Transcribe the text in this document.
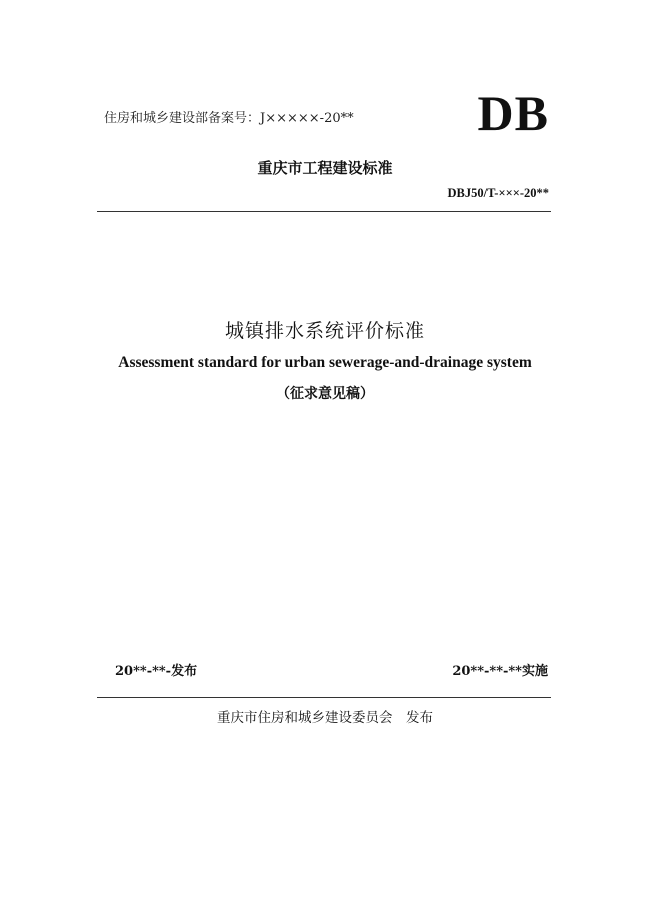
住房和城乡建设部备案号：J×××××-20** DB
重庆市工程建设标准
DBJ50/T-×××-20**
城镇排水系统评价标准
Assessment standard for urban sewerage-and-drainage system
（征求意见稿）
20**-**-发布	20**-**-**实施
重庆市住房和城乡建设委员会　发布
